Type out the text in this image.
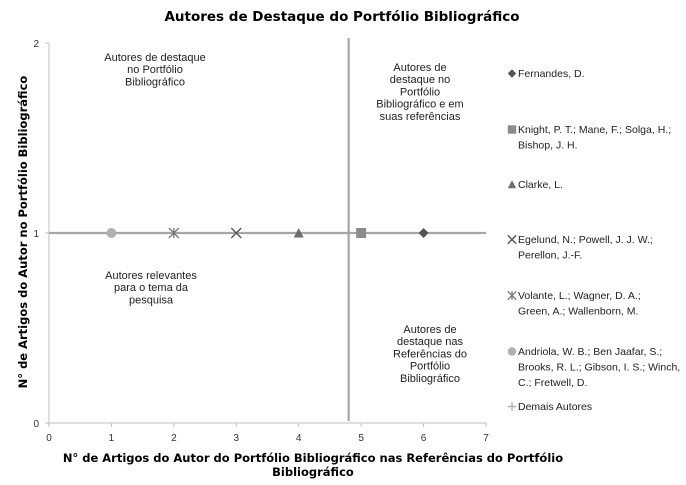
Autores de Destaque do Portfólio Bibliográfico
0
1
2
0	1	2	3	4	5	6	7
Autores de destaque
no Portfólio
Bibliográfico
Autores de
destaque no
Portfólio
Bibliográfico e em
suas referências
Autores relevantes
para o tema da
pesquisa
Autores de
destaque nas
Referências do
Portfólio
Bibliográfico
Fernandes, D.
Knight, P. T.; Mane, F.; Solga, H.;
Bishop, J. H.
Clarke, L.
Egelund, N.; Powell, J. J. W.;
Perellon, J.-F.
Volante, L.; Wagner, D. A.;
Green, A.; Wallenborn, M.
Andriola, W. B.; Ben Jaafar, S.;
Brooks, R. L.; Gibson, I. S.; Winch,
C.; Fretwell, D.
Demais Autores
N° de Artigos do Autor no Portfólio Bibliográfico
N° de Artigos do Autor do Portfólio Bibliográfico nas Referências do Portfólio
Bibliográfico
